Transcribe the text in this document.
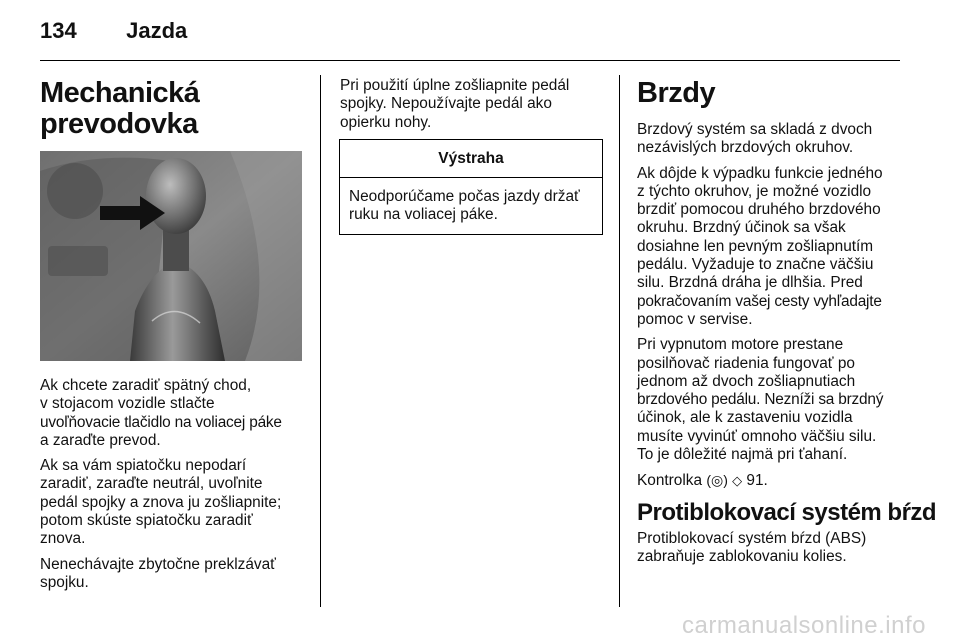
134 Jazda
Mechanická
prevodovka

Ak chcete zaradiť spätný chod,
v stojacom vozidle stlačte
uvoľňovacie tlačidlo na voliacej páke
a zaraďte prevod.

Ak sa vám spiatočku nepodarí
zaradiť, zaraďte neutrál, uvoľnite
pedál spojky a znova ju zošliapnite;
potom skúste spiatočku zaradiť
znova.

Nenechávajte zbytočne preklzávať
spojku.

Pri použití úplne zošliapnite pedál
spojky. Nepoužívajte pedál ako
opierku nohy.

Výstraha
Neodporúčame počas jazdy držať
ruku na voliacej páke.
Brzdy

Brzdový systém sa skladá z dvoch
nezávislých brzdových okruhov.

Ak dôjde k výpadku funkcie jedného
z týchto okruhov, je možné vozidlo
brzdiť pomocou druhého brzdového
okruhu. Brzdný účinok sa však
dosiahne len pevným zošliapnutím
pedálu. Vyžaduje to značne väčšiu
silu. Brzdná dráha je dlhšia. Pred
pokračovaním vašej cesty vyhľadajte
pomoc v servise.

Pri vypnutom motore prestane
posilňovač riadenia fungovať po
jednom až dvoch zošliapnutiach
brzdového pedálu. Nezníži sa brzdný
účinok, ale k zastaveniu vozidla
musíte vyvinúť omnoho väčšiu silu.
To je dôležité najmä pri ťahaní.

Kontrolka (◎) ◇ 91.

Protiblokovací systém bŕzd

Protiblokovací systém bŕzd (ABS)
zabraňuje zablokovaniu kolies.

carmanualsonline.info
